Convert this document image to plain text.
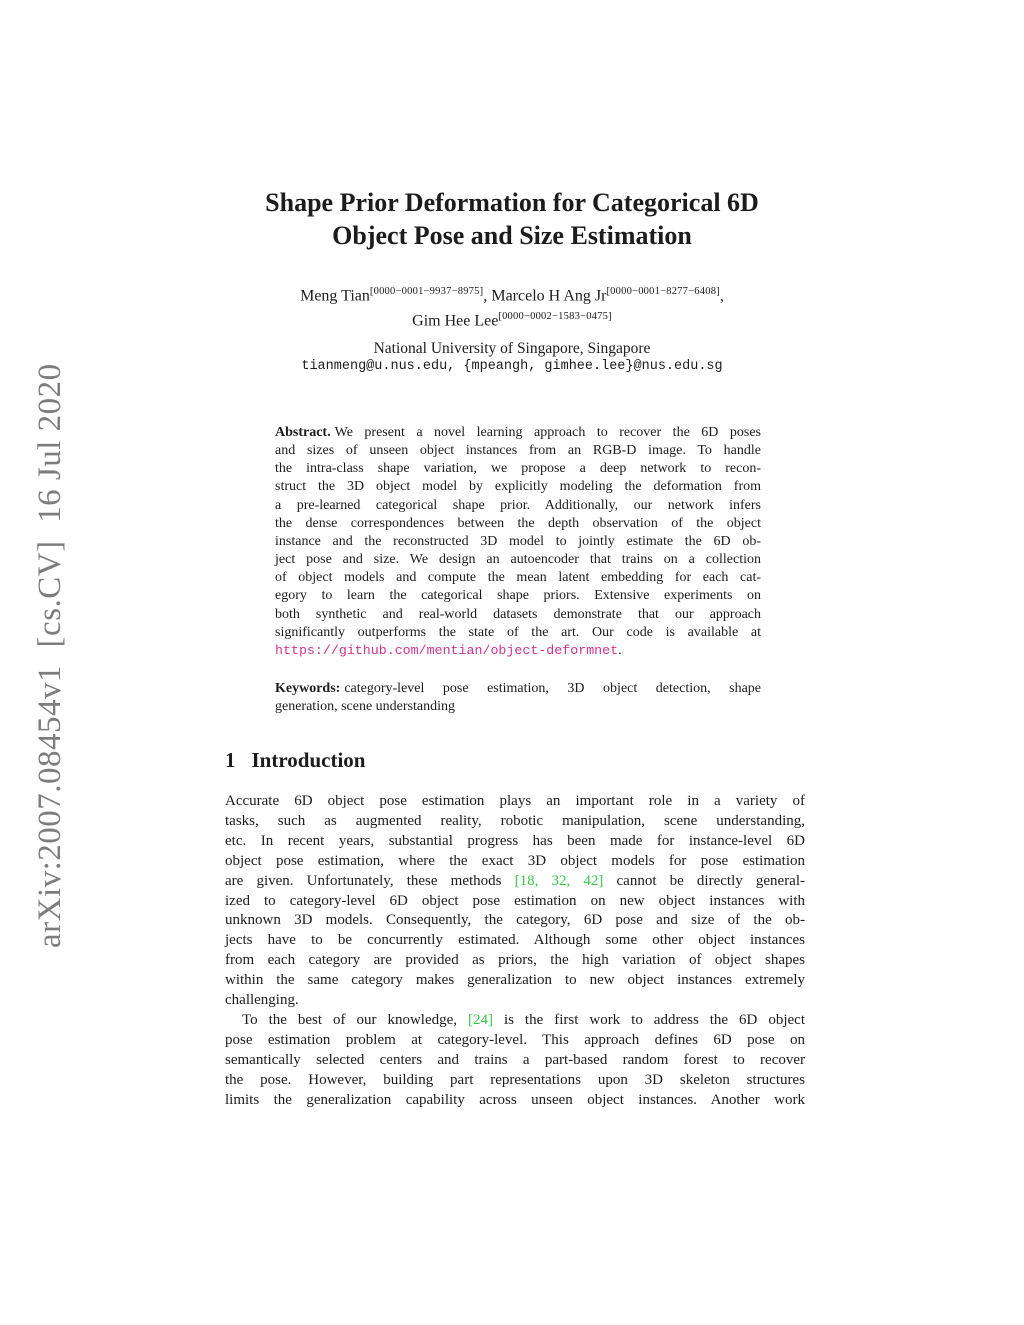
arXiv:2007.08454v1  [cs.CV]  16 Jul 2020
Shape Prior Deformation for Categorical 6D
Object Pose and Size Estimation
Meng Tian[0000−0001−9937−8975], Marcelo H Ang Jr[0000−0001−8277−6408],
Gim Hee Lee[0000−0002−1583−0475]
National University of Singapore, Singapore
tianmeng@u.nus.edu, {mpeangh, gimhee.lee}@nus.edu.sg
Abstract. We present a novel learning approach to recover the 6D poses
and sizes of unseen object instances from an RGB-D image. To handle
the intra-class shape variation, we propose a deep network to recon-
struct the 3D object model by explicitly modeling the deformation from
a pre-learned categorical shape prior. Additionally, our network infers
the dense correspondences between the depth observation of the object
instance and the reconstructed 3D model to jointly estimate the 6D ob-
ject pose and size. We design an autoencoder that trains on a collection
of object models and compute the mean latent embedding for each cat-
egory to learn the categorical shape priors. Extensive experiments on
both synthetic and real-world datasets demonstrate that our approach
significantly outperforms the state of the art. Our code is available at
https://github.com/mentian/object-deformnet.
Keywords: category-level pose estimation, 3D object detection, shape
generation, scene understanding
1 Introduction
Accurate 6D object pose estimation plays an important role in a variety of
tasks, such as augmented reality, robotic manipulation, scene understanding,
etc. In recent years, substantial progress has been made for instance-level 6D
object pose estimation, where the exact 3D object models for pose estimation
are given. Unfortunately, these methods [18, 32, 42] cannot be directly general-
ized to category-level 6D object pose estimation on new object instances with
unknown 3D models. Consequently, the category, 6D pose and size of the ob-
jects have to be concurrently estimated. Although some other object instances
from each category are provided as priors, the high variation of object shapes
within the same category makes generalization to new object instances extremely
challenging.
To the best of our knowledge, [24] is the first work to address the 6D object
pose estimation problem at category-level. This approach defines 6D pose on
semantically selected centers and trains a part-based random forest to recover
the pose. However, building part representations upon 3D skeleton structures
limits the generalization capability across unseen object instances. Another work
